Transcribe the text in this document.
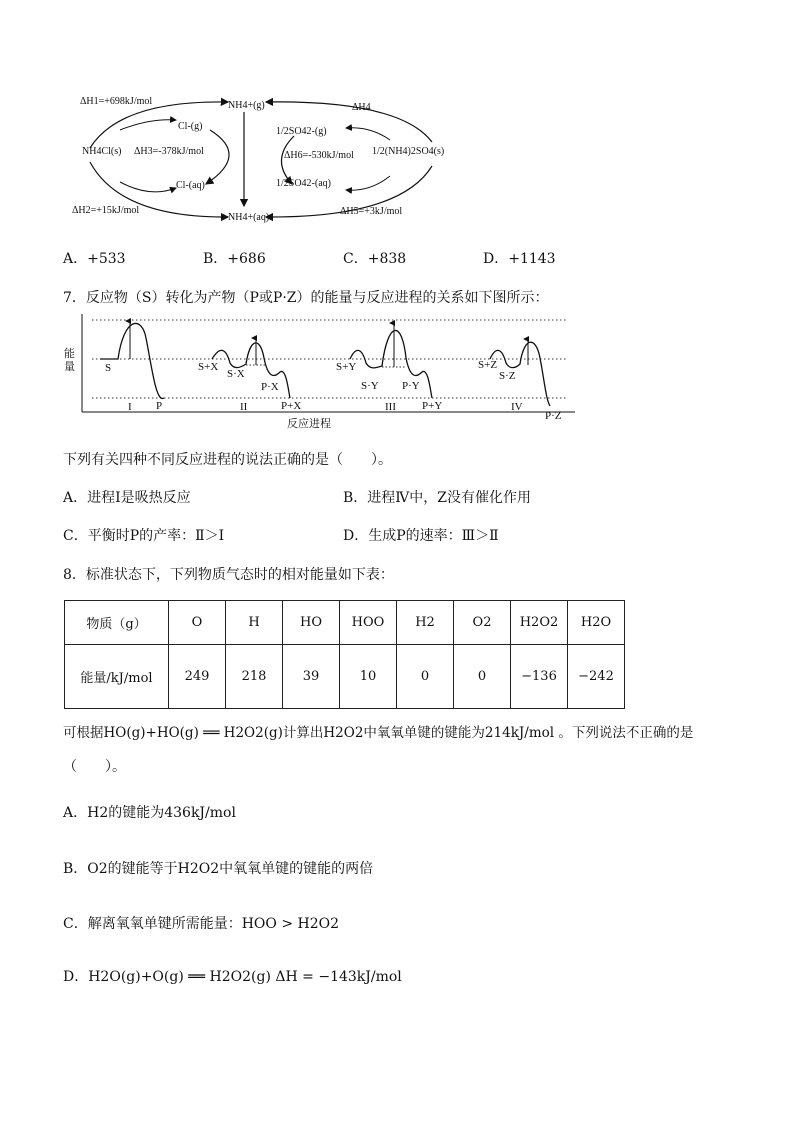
ΔH1=+698kJ/mol
ΔH2=+15kJ/mol
ΔH3=-378kJ/mol
ΔH4
ΔH5=+3kJ/mol
ΔH6=-530kJ/mol
NH4+(g)
NH4+(aq)
Cl-(g)
Cl-(aq)
NH4Cl(s)
1/2SO42-(g)
1/2SO42-(aq)
1/2(NH4)2SO4(s)
A．+533	B．+686	C．+838	D．+1143
7．反应物（S）转化为产物（P或P·Z）的能量与反应进程的关系如下图所示：
能
量
反应进程
S
P
S+X
S·X
P·X
P+X
S+Y
S·Y P·Y
P+Y
S+Z
S·Z
P·Z
I	II	III	IV
下列有关四种不同反应进程的说法正确的是（　　）。
A．进程Ⅰ是吸热反应	B．进程Ⅳ中，Z没有催化作用
C．平衡时P的产率：Ⅱ＞Ⅰ	D．生成P的速率：Ⅲ＞Ⅱ
8．标准状态下，下列物质气态时的相对能量如下表：
物质（g）	O	H	HO	HOO	H2	O2	H2O2	H2O
能量/kJ/mol	249	218	39	10	0	0	−136	−242
可根据HO(g)+HO(g) ══ H2O2(g)计算出H2O2中氧氧单键的键能为214kJ/mol 。下列说法不正确的是
（　　）。
A．H2的键能为436kJ/mol
B．O2的键能等于H2O2中氧氧单键的键能的两倍
C．解离氧氧单键所需能量：HOO > H2O2
D．H2O(g)+O(g) ══ H2O2(g) ΔH = −143kJ/mol
